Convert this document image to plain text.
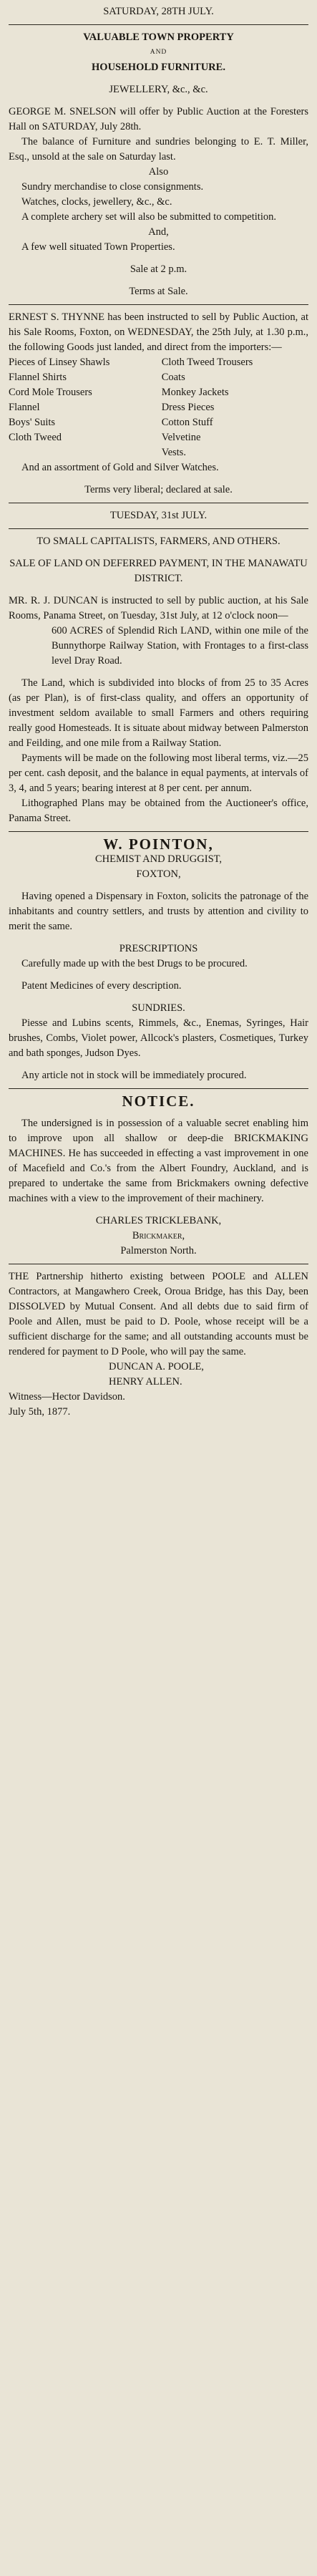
SATURDAY, 28TH JULY.
VALUABLE TOWN PROPERTY
AND
HOUSEHOLD FURNITURE.
JEWELLERY, &c., &c.
GEORGE M. SNELSON will offer by Public Auction at the Foresters Hall on SATURDAY, July 28th.
The balance of Furniture and sundries belonging to E. T. Miller, Esq., unsold at the sale on Saturday last.
Also
Sundry merchandise to close consignments.
Watches, clocks, jewellery, &c., &c.
A complete archery set will also be submitted to competition.
And,
A few well situated Town Properties.
Sale at 2 p.m.
Terms at Sale.
ERNEST S. THYNNE has been instructed to sell by Public Auction, at his Sale Rooms, Foxton, on WEDNESDAY, the 25th July, at 1.30 p.m., the following Goods just landed, and direct from the importers:—
Pieces of Linsey Shawls
Flannel Shirts
Cord Mole Trousers
Flannel
Boys' Suits
Cloth Tweed
Cloth Tweed Trousers
Coats
Monkey Jackets
Dress Pieces
Cotton Stuff
Velvetine
Vests.
And an assortment of Gold and Silver Watches.
Terms very liberal; declared at sale.
TUESDAY, 31st JULY.
TO SMALL CAPITALISTS, FARMERS, AND OTHERS.
SALE OF LAND ON DEFERRED PAYMENT, IN THE MANAWATU DISTRICT.
MR. R. J. DUNCAN is instructed to sell by public auction, at his Sale Rooms, Panama Street, on Tuesday, 31st July, at 12 o'clock noon—
600 ACRES of Splendid Rich LAND, within one mile of the Bunnythorpe Railway Station, with Frontages to a first-class level Dray Road.
The Land, which is subdivided into blocks of from 25 to 35 Acres (as per Plan), is of first-class quality, and offers an opportunity of investment seldom available to small Farmers and others requiring really good Homesteads. It is situate about midway between Palmerston and Feilding, and one mile from a Railway Station.
Payments will be made on the following most liberal terms, viz.—25 per cent. cash deposit, and the balance in equal payments, at intervals of 3, 4, and 5 years; bearing interest at 8 per cent. per annum.
Lithographed Plans may be obtained from the Auctioneer's office, Panama Street.
W. POINTON,
CHEMIST AND DRUGGIST,
FOXTON,
Having opened a Dispensary in Foxton, solicits the patronage of the inhabitants and country settlers, and trusts by attention and civility to merit the same.
PRESCRIPTIONS
Carefully made up with the best Drugs to be procured.
Patent Medicines of every description.
SUNDRIES.
Piesse and Lubins scents, Rimmels, &c., Enemas, Syringes, Hair brushes, Combs, Violet power, Allcock's plasters, Cosmetiques, Turkey and bath sponges, Judson Dyes.
Any article not in stock will be immediately procured.
NOTICE.
The undersigned is in possession of a valuable secret enabling him to improve upon all shallow or deep-die BRICKMAKING MACHINES. He has succeeded in effecting a vast improvement in one of Macefield and Co.'s from the Albert Foundry, Auckland, and is prepared to undertake the same from Brickmakers owning defective machines with a view to the improvement of their machinery.
CHARLES TRICKLEBANK,
Brickmaker,
Palmerston North.
THE Partnership hitherto existing between POOLE and ALLEN Contractors, at Mangawhero Creek, Oroua Bridge, has this Day, been DISSOLVED by Mutual Consent. And all debts due to said firm of Poole and Allen, must be paid to D. Poole, whose receipt will be a sufficient discharge for the same; and all outstanding accounts must be rendered for payment to D Poole, who will pay the same.
DUNCAN A. POOLE,
HENRY ALLEN.
Witness—Hector Davidson.
July 5th, 1877.
